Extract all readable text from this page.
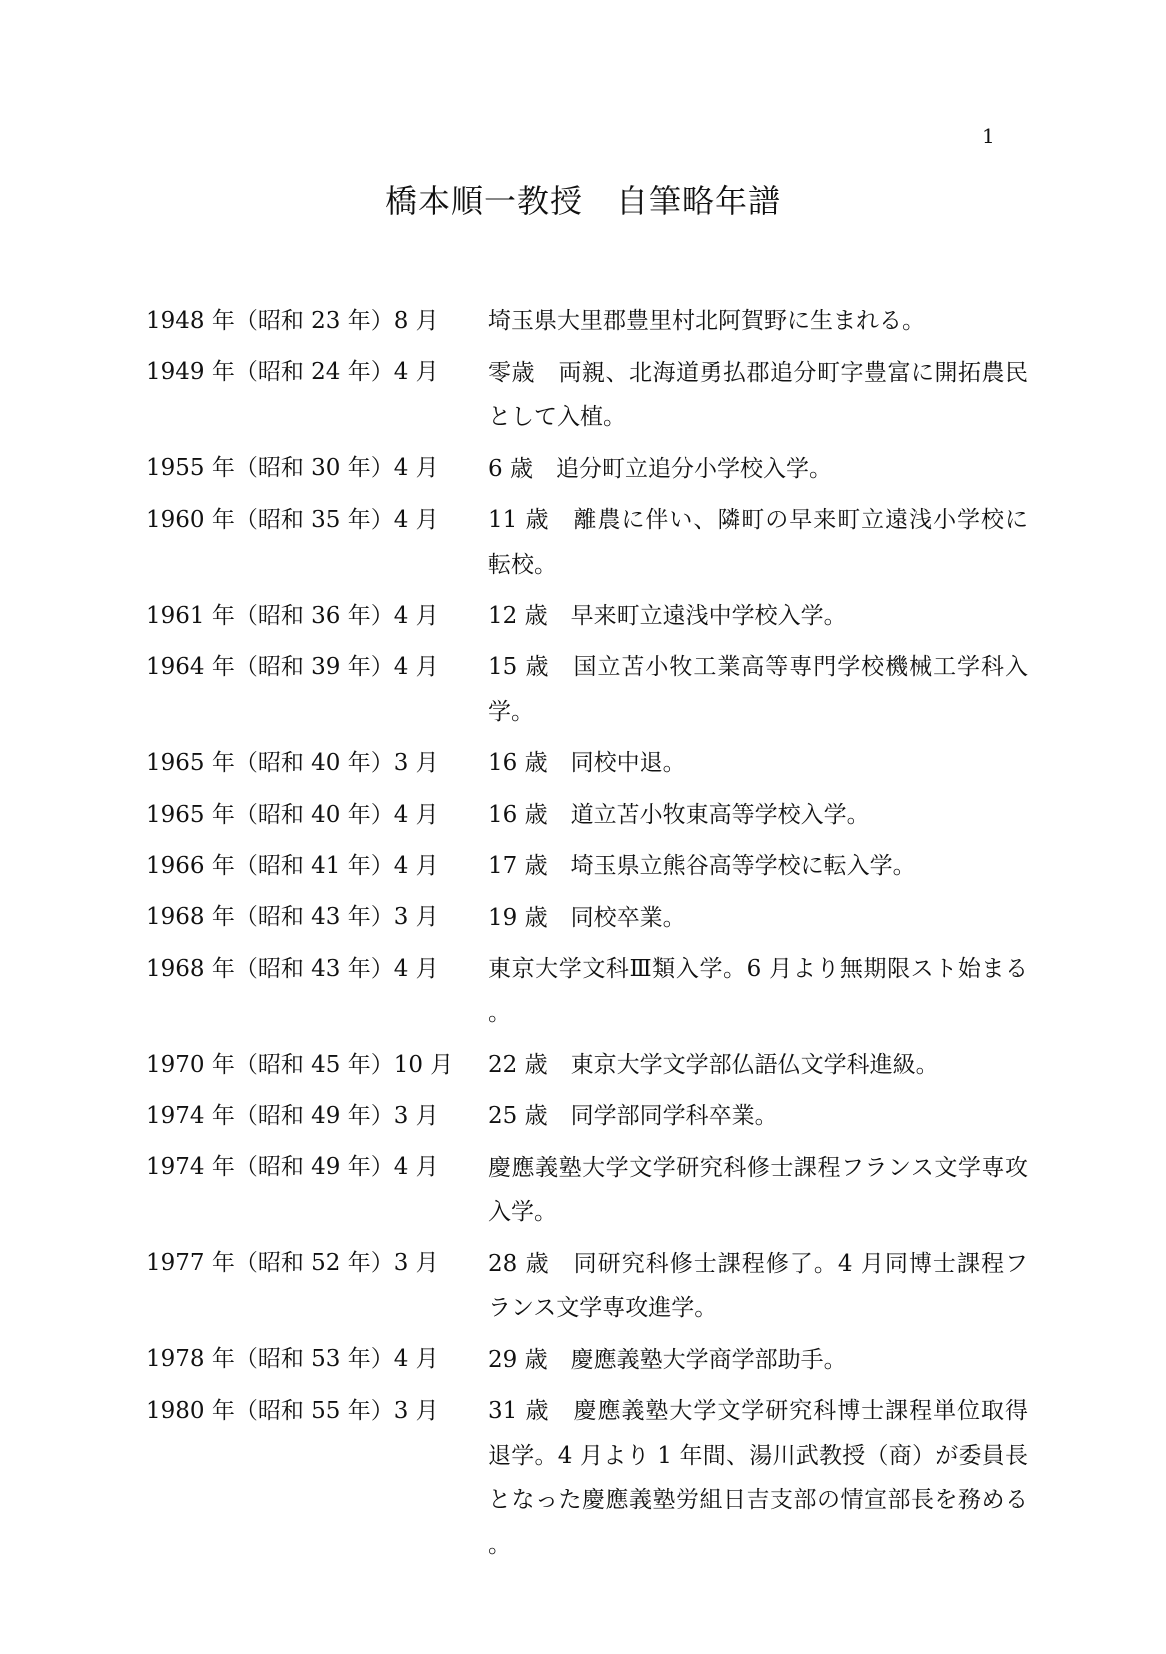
1
橋本順一教授　自筆略年譜
1948 年（昭和 23 年）8 月	埼玉県大里郡豊里村北阿賀野に生まれる。
1949 年（昭和 24 年）4 月	零歳　両親、北海道勇払郡追分町字豊富に開拓農民として入植。
1955 年（昭和 30 年）4 月	6 歳　追分町立追分小学校入学。
1960 年（昭和 35 年）4 月	11 歳　離農に伴い、隣町の早来町立遠浅小学校に転校。
1961 年（昭和 36 年）4 月	12 歳　早来町立遠浅中学校入学。
1964 年（昭和 39 年）4 月	15 歳　国立苫小牧工業高等専門学校機械工学科入学。
1965 年（昭和 40 年）3 月	16 歳　同校中退。
1965 年（昭和 40 年）4 月	16 歳　道立苫小牧東高等学校入学。
1966 年（昭和 41 年）4 月	17 歳　埼玉県立熊谷高等学校に転入学。
1968 年（昭和 43 年）3 月	19 歳　同校卒業。
1968 年（昭和 43 年）4 月	東京大学文科Ⅲ類入学。6 月より無期限スト始まる。
1970 年（昭和 45 年）10 月	22 歳　東京大学文学部仏語仏文学科進級。
1974 年（昭和 49 年）3 月	25 歳　同学部同学科卒業。
1974 年（昭和 49 年）4 月	慶應義塾大学文学研究科修士課程フランス文学専攻入学。
1977 年（昭和 52 年）3 月	28 歳　同研究科修士課程修了。4 月同博士課程フランス文学専攻進学。
1978 年（昭和 53 年）4 月	29 歳　慶應義塾大学商学部助手。
1980 年（昭和 55 年）3 月	31 歳　慶應義塾大学文学研究科博士課程単位取得退学。4 月より 1 年間、湯川武教授（商）が委員長となった慶應義塾労組日吉支部の情宣部長を務める。
